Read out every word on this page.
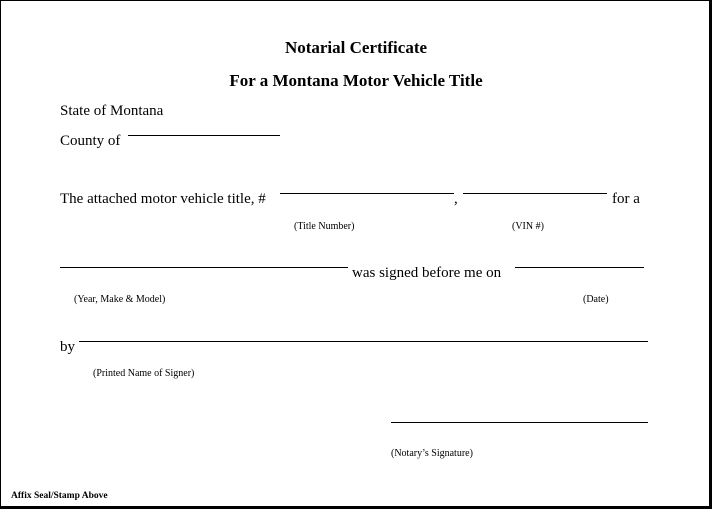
Notarial Certificate
For a Montana Motor Vehicle Title
State of Montana
County of
The attached motor vehicle title, #	,	for a
(Title Number)	(VIN #)
was signed before me on
(Year, Make & Model)	(Date)
by
(Printed Name of Signer)
(Notary’s Signature)
Affix Seal/Stamp Above
